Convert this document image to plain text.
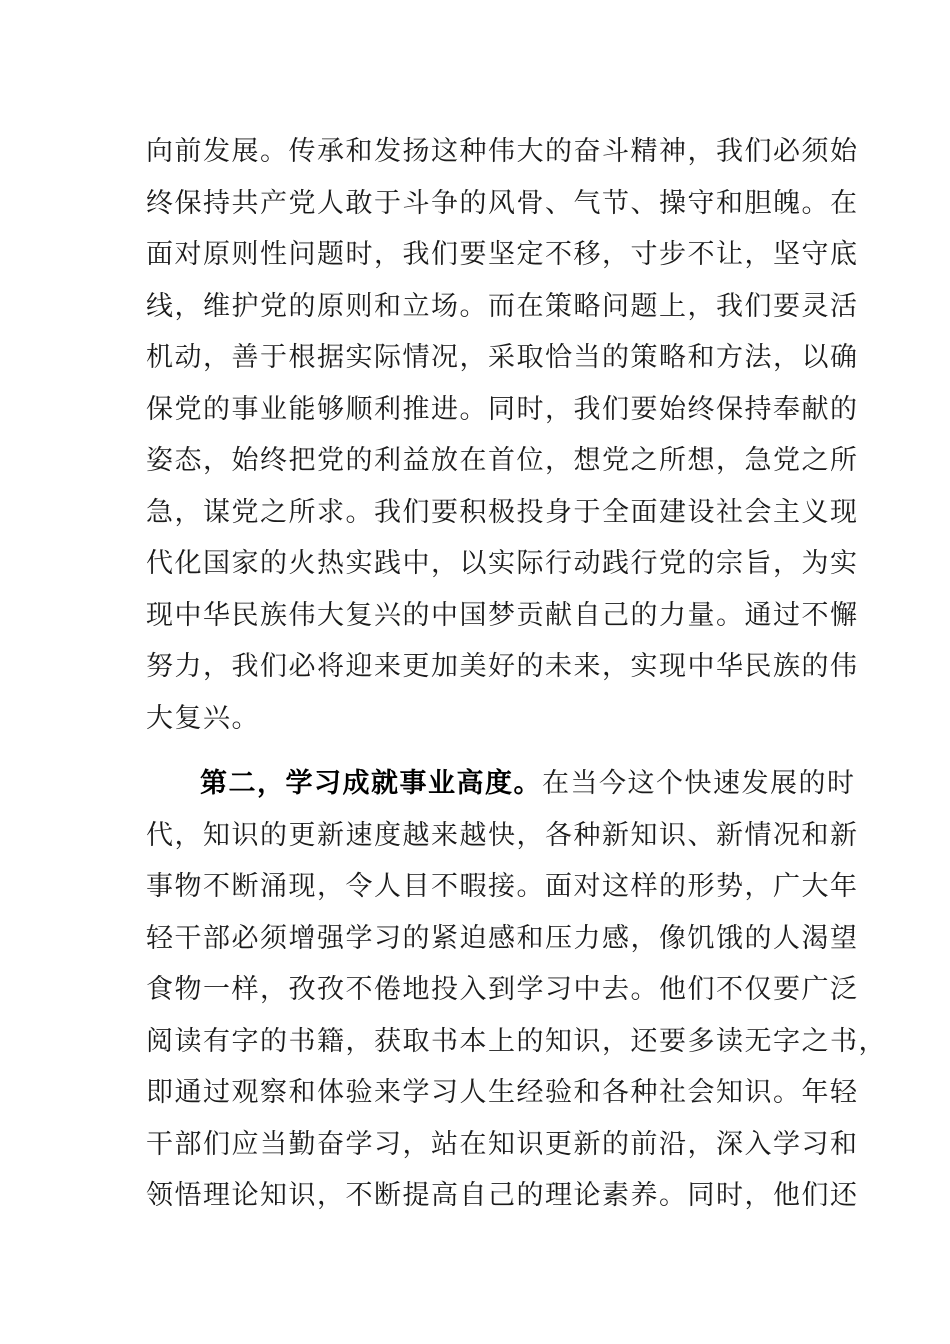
向前发展。传承和发扬这种伟大的奋斗精神，我们必须始
终保持共产党人敢于斗争的风骨、气节、操守和胆魄。在
面对原则性问题时，我们要坚定不移，寸步不让，坚守底
线，维护党的原则和立场。而在策略问题上，我们要灵活
机动，善于根据实际情况，采取恰当的策略和方法，以确
保党的事业能够顺利推进。同时，我们要始终保持奉献的
姿态，始终把党的利益放在首位，想党之所想，急党之所
急，谋党之所求。我们要积极投身于全面建设社会主义现
代化国家的火热实践中，以实际行动践行党的宗旨，为实
现中华民族伟大复兴的中国梦贡献自己的力量。通过不懈
努力，我们必将迎来更加美好的未来，实现中华民族的伟
大复兴。
第二，学习成就事业高度。在当今这个快速发展的时
代，知识的更新速度越来越快，各种新知识、新情况和新
事物不断涌现，令人目不暇接。面对这样的形势，广大年
轻干部必须增强学习的紧迫感和压力感，像饥饿的人渴望
食物一样，孜孜不倦地投入到学习中去。他们不仅要广泛
阅读有字的书籍，获取书本上的知识，还要多读无字之书，
即通过观察和体验来学习人生经验和各种社会知识。年轻
干部们应当勤奋学习，站在知识更新的前沿，深入学习和
领悟理论知识，不断提高自己的理论素养。同时，他们还
